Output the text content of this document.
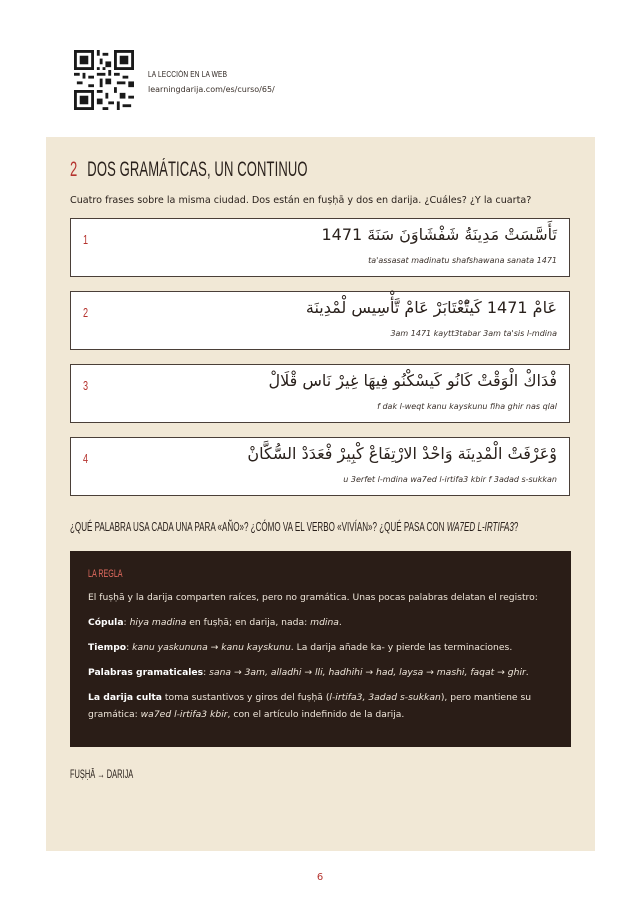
LA LECCIÓN EN LA WEB
learningdarija.com/es/curso/65/
2 DOS GRAMÁTICAS, UN CONTINUO
Cuatro frases sobre la misma ciudad. Dos están en fuṣḥā y dos en darija. ¿Cuáles? ¿Y la cuarta?
1	تَأَسَّسَتْ مَدِينَةُ شَفْشَاوَنَ سَنَةَ 1471
ta'assasat madinatu shafshawana sanata 1471
2	عَامْ 1471 كَيتّْعْتَابَرْ عَامْ تَّأْسِيس لْمْدِينَة
3am 1471 kaytt3tabar 3am ta'sis l-mdina
3	فْدَاكْ الْوَقْتْ كَانُو كَيسْكْنُو فِيهَا غِيرْ نَاس قْلَالْ
f dak l-weqt kanu kayskunu fiha ghir nas qlal
4	وْعَرْفَتْ الْمْدِينَة وَاحْدْ الارْتِفَاعْ كْبِيرْ فْعَدَدْ السُّكَّانْ
u 3erfet l-mdina wa7ed l-irtifa3 kbir f 3adad s-sukkan
¿QUÉ PALABRA USA CADA UNA PARA «AÑO»? ¿CÓMO VA EL VERBO «VIVÍAN»? ¿QUÉ PASA CON WA7ED L-IRTIFA3?
LA REGLA

El fuṣḥā y la darija comparten raíces, pero no gramática. Unas pocas palabras delatan el registro:

Cópula: hiya madina en fuṣḥā; en darija, nada: mdina.

Tiempo: kanu yaskununa → kanu kayskunu. La darija añade ka- y pierde las terminaciones.

Palabras gramaticales: sana → 3am, alladhi → lli, hadhihi → had, laysa → mashi, faqat → ghir.

La darija culta toma sustantivos y giros del fuṣḥā (l-irtifa3, 3adad s-sukkan), pero mantiene su gramática: wa7ed l-irtifa3 kbir, con el artículo indefinido de la darija.

FUṢḤĀ → DARIJA
6
